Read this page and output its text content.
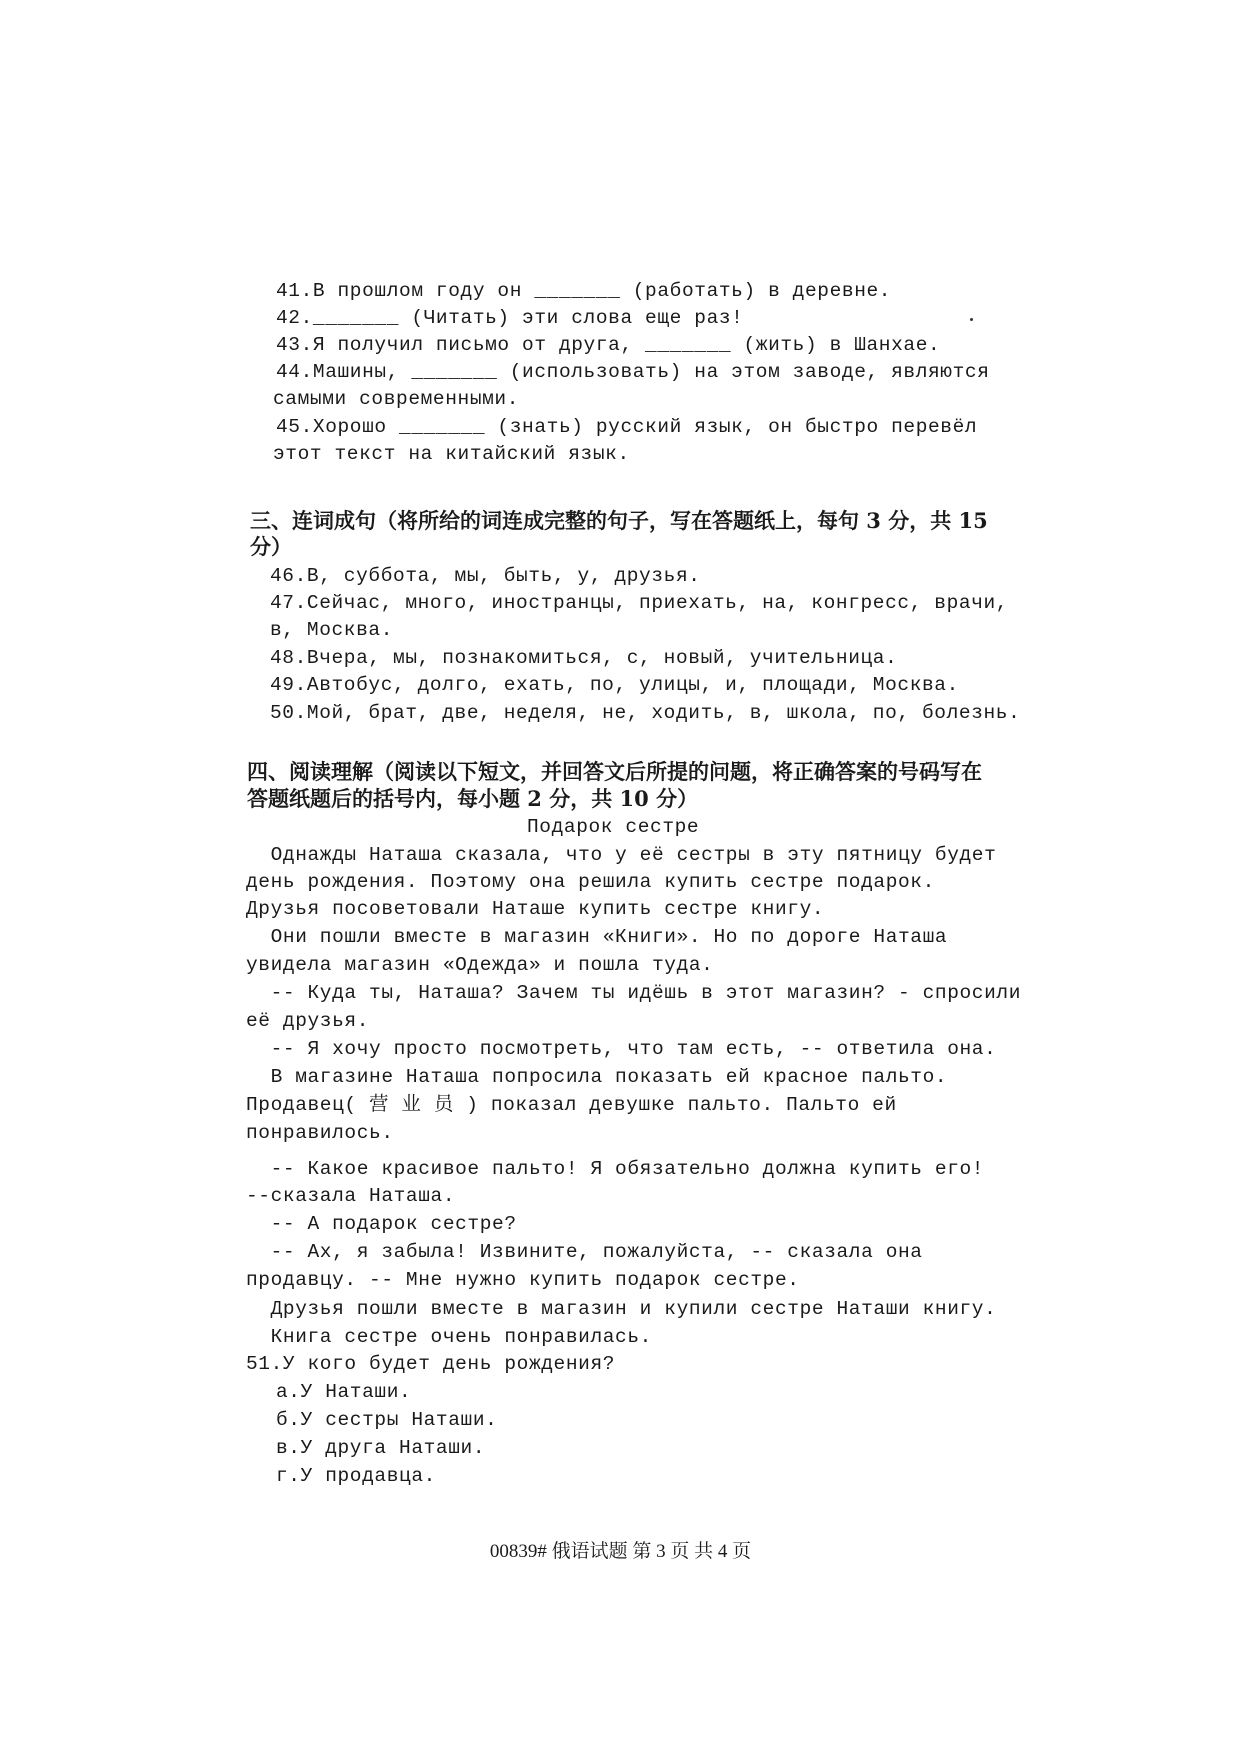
41.В прошлом году он _______ (работать) в деревне.
42._______ (Читать) эти слова еще раз!
43.Я получил письмо от друга, _______ (жить) в Шанхае.
44.Машины, _______ (использовать) на этом заводе, являются
самыми современными.
45.Хорошо _______ (знать) русский язык, он быстро перевёл
этот текст на китайский язык.
三、连词成句（将所给的词连成完整的句子，写在答题纸上，每句 3 分，共 15
分）
46.В, суббота, мы, быть, у, друзья.
47.Сейчас, много, иностранцы, приехать, на, конгресс, врачи,
в, Москва.
48.Вчера, мы, познакомиться, с, новый, учительница.
49.Автобус, долго, ехать, по, улицы, и, площади, Москва.
50.Мой, брат, две, неделя, не, ходить, в, школа, по, болезнь.
四、阅读理解（阅读以下短文，并回答文后所提的问题，将正确答案的号码写在
答题纸题后的括号内，每小题 2 分，共 10 分）
Подарок сестре
Однажды Наташа сказала, что у её сестры в эту пятницу будет
день рождения. Поэтому она решила купить сестре подарок.
Друзья посоветовали Наташе купить сестре книгу.
Они пошли вместе в магазин «Книги». Но по дороге Наташа
увидела магазин «Одежда» и пошла туда.
-- Куда ты, Наташа? Зачем ты идёшь в этот магазин? - спросили
её друзья.
-- Я хочу просто посмотреть, что там есть, -- ответила она.
В магазине Наташа попросила показать ей красное пальто.
Продавец( 营 业 员 ) показал девушке пальто. Пальто ей
понравилось.
-- Какое красивое пальто! Я обязательно должна купить его!
--сказала Наташа.
-- А подарок сестре?
-- Ах, я забыла! Извините, пожалуйста, -- сказала она
продавцу. -- Мне нужно купить подарок сестре.
Друзья пошли вместе в магазин и купили сестре Наташи книгу.
Книга сестре очень понравилась.
51.У кого будет день рождения?
а.У Наташи.
б.У сестры Наташи.
в.У друга Наташи.
г.У продавца.
00839# 俄语试题 第 3 页 共 4 页
